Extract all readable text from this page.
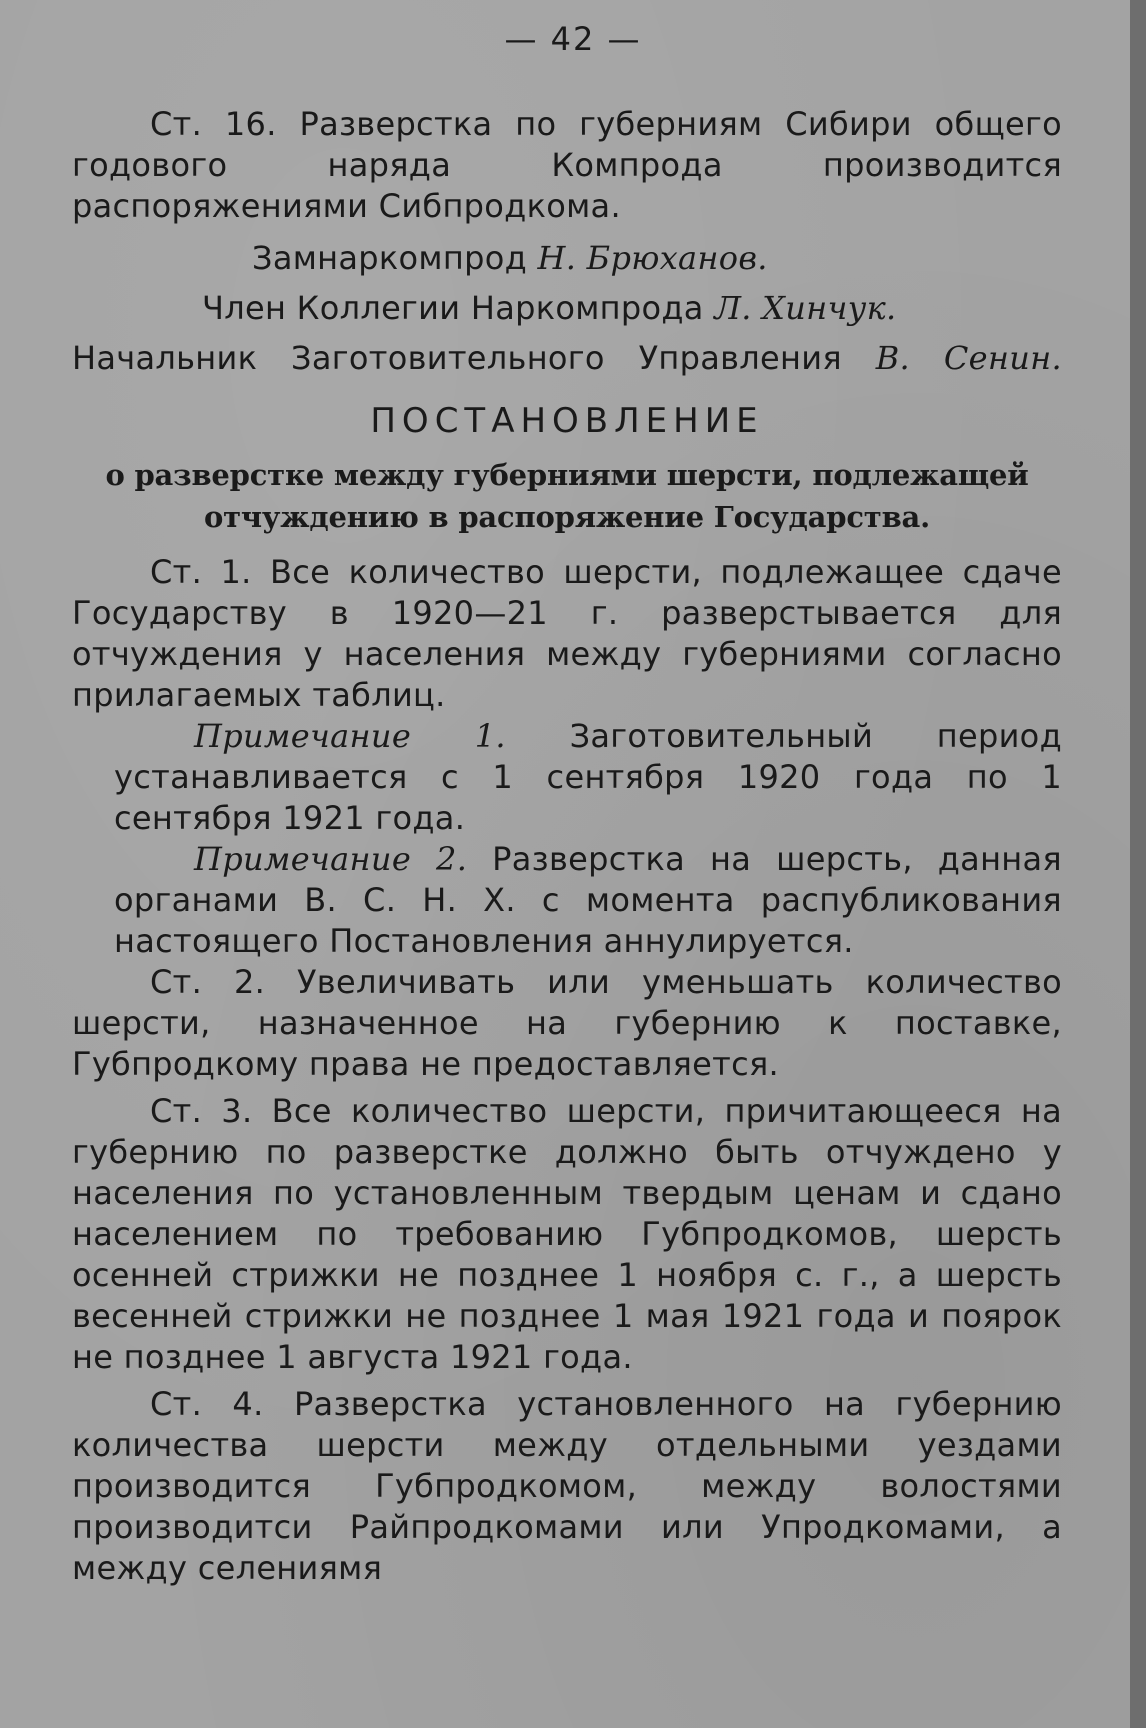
— 42 —

Ст. 16. Разверстка по губерниям Сибири общего годового наряда Компрода производится распоряжениями Сибпродкома.

Замнаркомпрод Н. Брюханов.

Член Коллегии Наркомпрода Л. Хинчук.

Начальник Заготовительного Управления В. Сенин.

ПОСТАНОВЛЕНИЕ

о разверстке между губерниями шерсти, подлежащей отчуждению в распоряжение Государства.

Ст. 1. Все количество шерсти, подлежащее сдаче Государству в 1920—21 г. разверстывается для отчуждения у населения между губерниями согласно прилагаемых таблиц.

Примечание 1. Заготовительный период устанавливается с 1 сентября 1920 года по 1 сентября 1921 года.

Примечание 2. Разверстка на шерсть, данная органами В. С. Н. Х. с момента распубликования настоящего Постановления аннулируется.

Ст. 2. Увеличивать или уменьшать количество шерсти, назначенное на губернию к поставке, Губпродкому права не предоставляется.

Ст. 3. Все количество шерсти, причитающееся на губернию по разверстке должно быть отчуждено у населения по установленным твердым ценам и сдано населением по требованию Губпродкомов, шерсть осенней стрижки не позднее 1 ноября с. г., а шерсть весенней стрижки не позднее 1 мая 1921 года и поярок не позднее 1 августа 1921 года.

Ст. 4. Разверстка установленного на губернию количества шерсти между отдельными уездами производится Губпродкомом, между волостями производитси Райпродкомами или Упродкомами, а между селениямя
